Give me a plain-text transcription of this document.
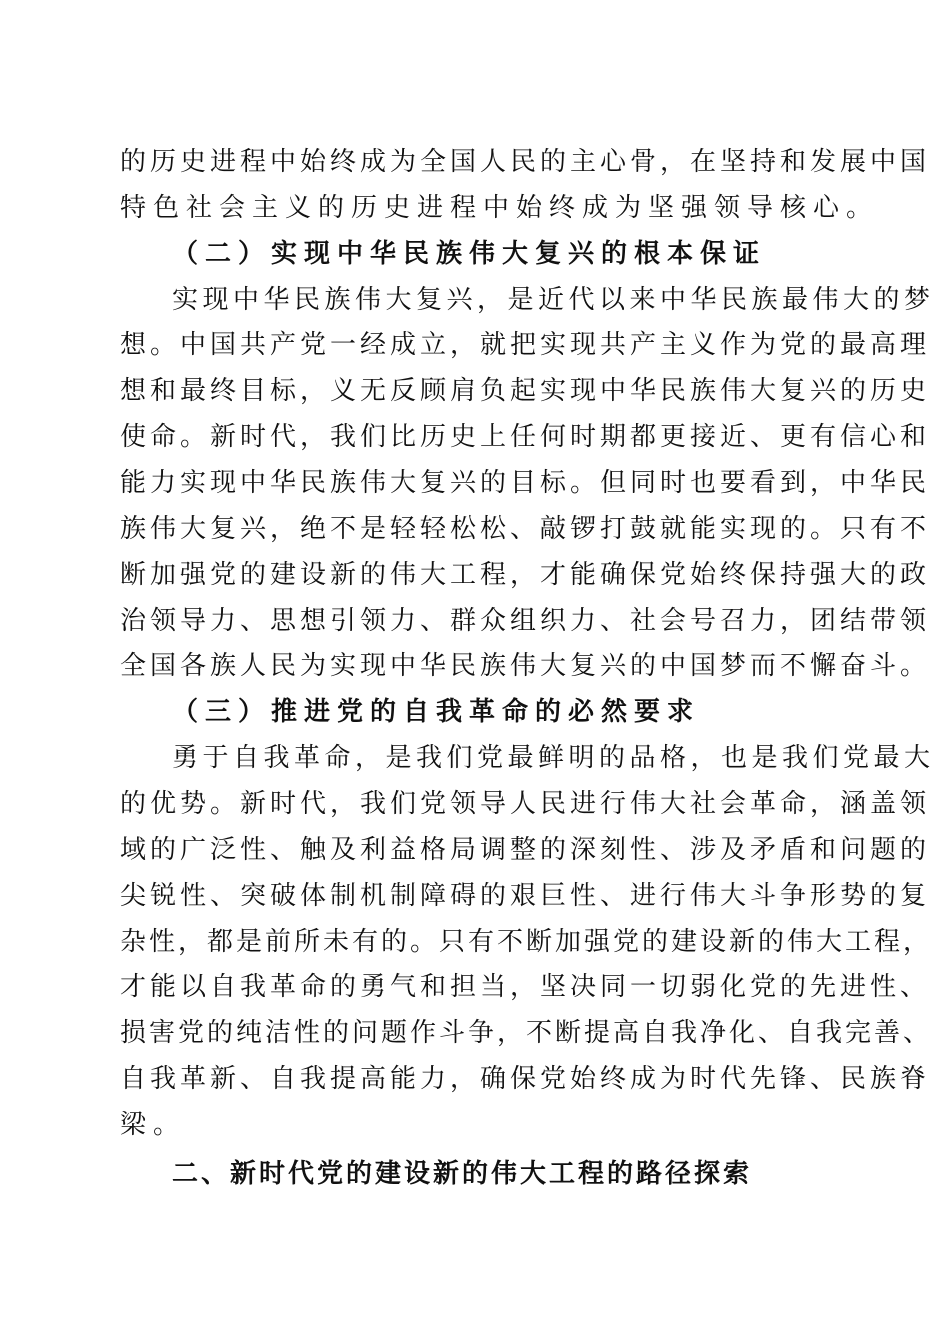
的历史进程中始终成为全国人民的主心骨，在坚持和发展中国
特色社会主义的历史进程中始终成为坚强领导核心。
（二）实现中华民族伟大复兴的根本保证
实现中华民族伟大复兴，是近代以来中华民族最伟大的梦
想。中国共产党一经成立，就把实现共产主义作为党的最高理
想和最终目标，义无反顾肩负起实现中华民族伟大复兴的历史
使命。新时代，我们比历史上任何时期都更接近、更有信心和
能力实现中华民族伟大复兴的目标。但同时也要看到，中华民
族伟大复兴，绝不是轻轻松松、敲锣打鼓就能实现的。只有不
断加强党的建设新的伟大工程，才能确保党始终保持强大的政
治领导力、思想引领力、群众组织力、社会号召力，团结带领
全国各族人民为实现中华民族伟大复兴的中国梦而不懈奋斗。
（三）推进党的自我革命的必然要求
勇于自我革命，是我们党最鲜明的品格，也是我们党最大
的优势。新时代，我们党领导人民进行伟大社会革命，涵盖领
域的广泛性、触及利益格局调整的深刻性、涉及矛盾和问题的
尖锐性、突破体制机制障碍的艰巨性、进行伟大斗争形势的复
杂性，都是前所未有的。只有不断加强党的建设新的伟大工程，
才能以自我革命的勇气和担当，坚决同一切弱化党的先进性、
损害党的纯洁性的问题作斗争，不断提高自我净化、自我完善、
自我革新、自我提高能力，确保党始终成为时代先锋、民族脊
梁。
二、新时代党的建设新的伟大工程的路径探索
